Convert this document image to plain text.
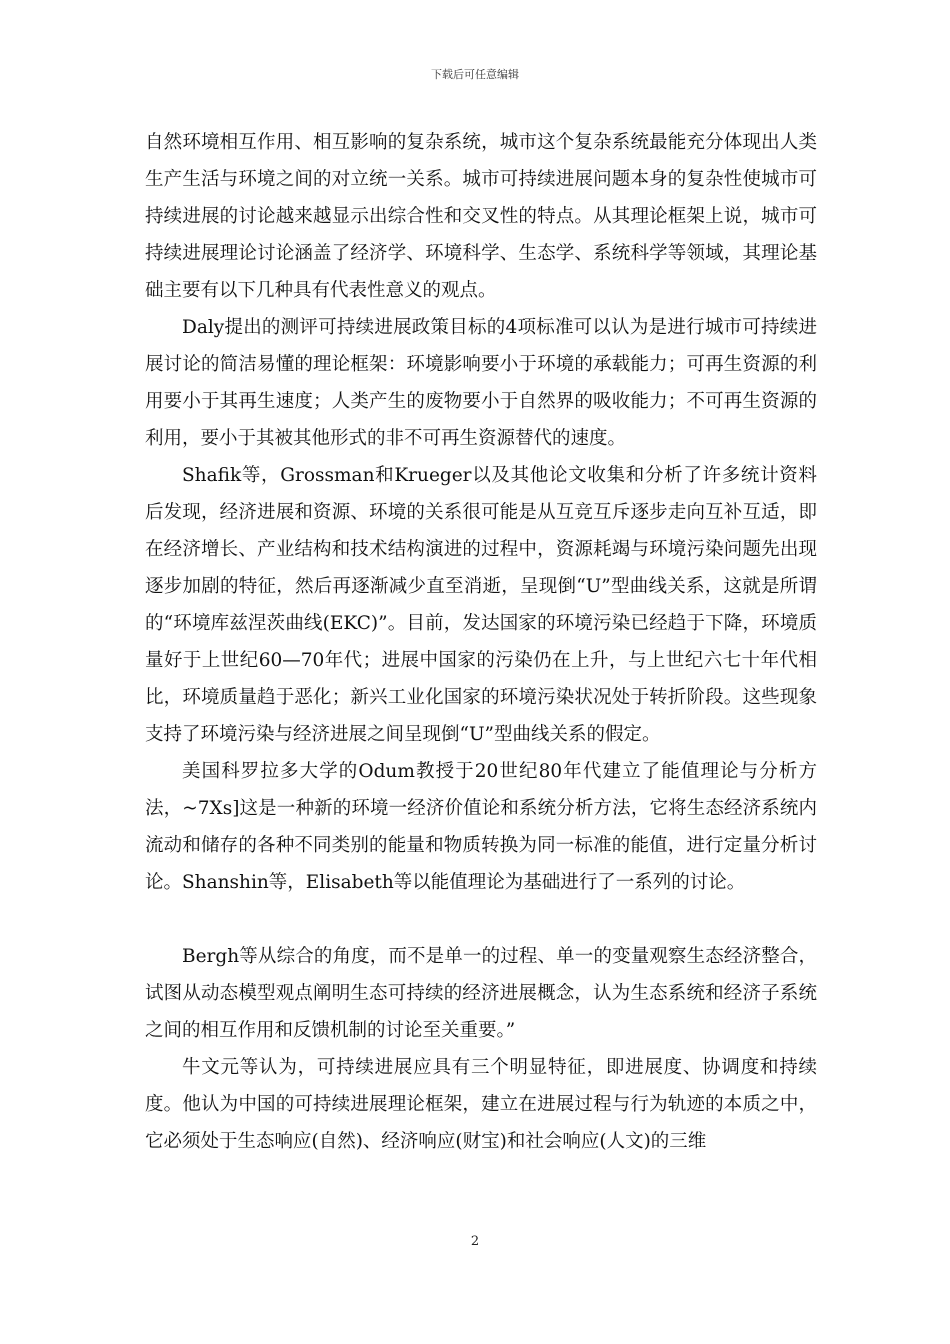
下载后可任意编辑

自然环境相互作用、相互影响的复杂系统，城市这个复杂系统最能充分体现出人类生产生活与环境之间的对立统一关系。城市可持续进展问题本身的复杂性使城市可持续进展的讨论越来越显示出综合性和交叉性的特点。从其理论框架上说，城市可持续进展理论讨论涵盖了经济学、环境科学、生态学、系统科学等领域，其理论基础主要有以下几种具有代表性意义的观点。

Daly提出的测评可持续进展政策目标的4项标准可以认为是进行城市可持续进展讨论的简洁易懂的理论框架：环境影响要小于环境的承载能力；可再生资源的利用要小于其再生速度；人类产生的废物要小于自然界的吸收能力；不可再生资源的利用，要小于其被其他形式的非不可再生资源替代的速度。

Shafik等，Grossman和Krueger以及其他论文收集和分析了许多统计资料后发现，经济进展和资源、环境的关系很可能是从互竞互斥逐步走向互补互适，即在经济增长、产业结构和技术结构演进的过程中，资源耗竭与环境污染问题先出现逐步加剧的特征，然后再逐渐减少直至消逝，呈现倒“U”型曲线关系，这就是所谓的“环境库兹涅茨曲线(EKC)”。目前，发达国家的环境污染已经趋于下降，环境质量好于上世纪60—70年代；进展中国家的污染仍在上升，与上世纪六七十年代相比，环境质量趋于恶化；新兴工业化国家的环境污染状况处于转折阶段。这些现象支持了环境污染与经济进展之间呈现倒“U”型曲线关系的假定。

美国科罗拉多大学的Odum教授于20世纪80年代建立了能值理论与分析方法，~7Xs]这是一种新的环境一经济价值论和系统分析方法，它将生态经济系统内流动和储存的各种不同类别的能量和物质转换为同一标准的能值，进行定量分析讨论。Shanshin等，Elisabeth等以能值理论为基础进行了一系列的讨论。

Bergh等从综合的角度，而不是单一的过程、单一的变量观察生态经济整合，试图从动态模型观点阐明生态可持续的经济进展概念，认为生态系统和经济子系统之间的相互作用和反馈机制的讨论至关重要。”

牛文元等认为，可持续进展应具有三个明显特征，即进展度、协调度和持续度。他认为中国的可持续进展理论框架，建立在进展过程与行为轨迹的本质之中，它必须处于生态响应(自然)、经济响应(财宝)和社会响应(人文)的三维

2
